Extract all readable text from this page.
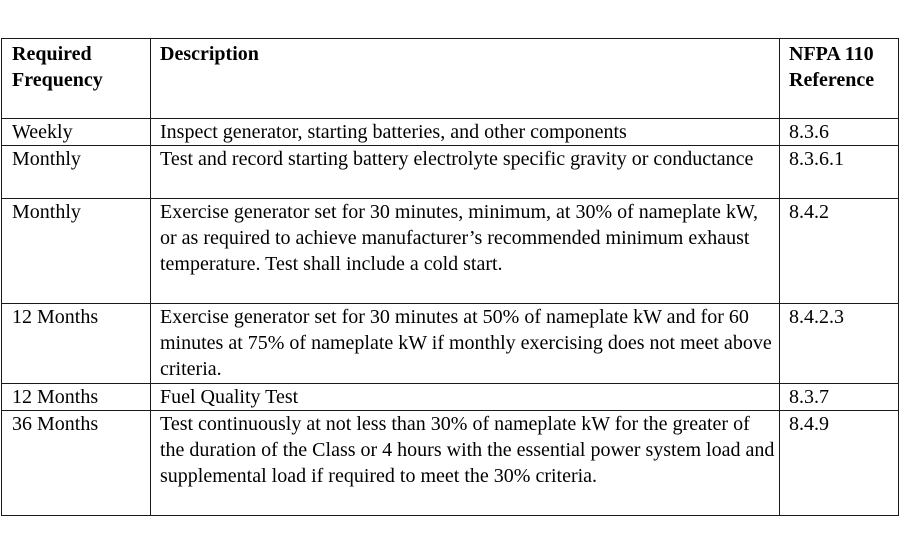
Required Frequency	Description	NFPA 110 Reference
Weekly	Inspect generator, starting batteries, and other components	8.3.6
Monthly	Test and record starting battery electrolyte specific gravity or conductance	8.3.6.1
Monthly	Exercise generator set for 30 minutes, minimum, at 30% of nameplate kW, or as required to achieve manufacturer’s recommended minimum exhaust temperature. Test shall include a cold start.	8.4.2
12 Months	Exercise generator set for 30 minutes at 50% of nameplate kW and for 60 minutes at 75% of nameplate kW if monthly exercising does not meet above criteria.	8.4.2.3
12 Months	Fuel Quality Test	8.3.7
36 Months	Test continuously at not less than 30% of nameplate kW for the greater of the duration of the Class or 4 hours with the essential power system load and supplemental load if required to meet the 30% criteria.	8.4.9
